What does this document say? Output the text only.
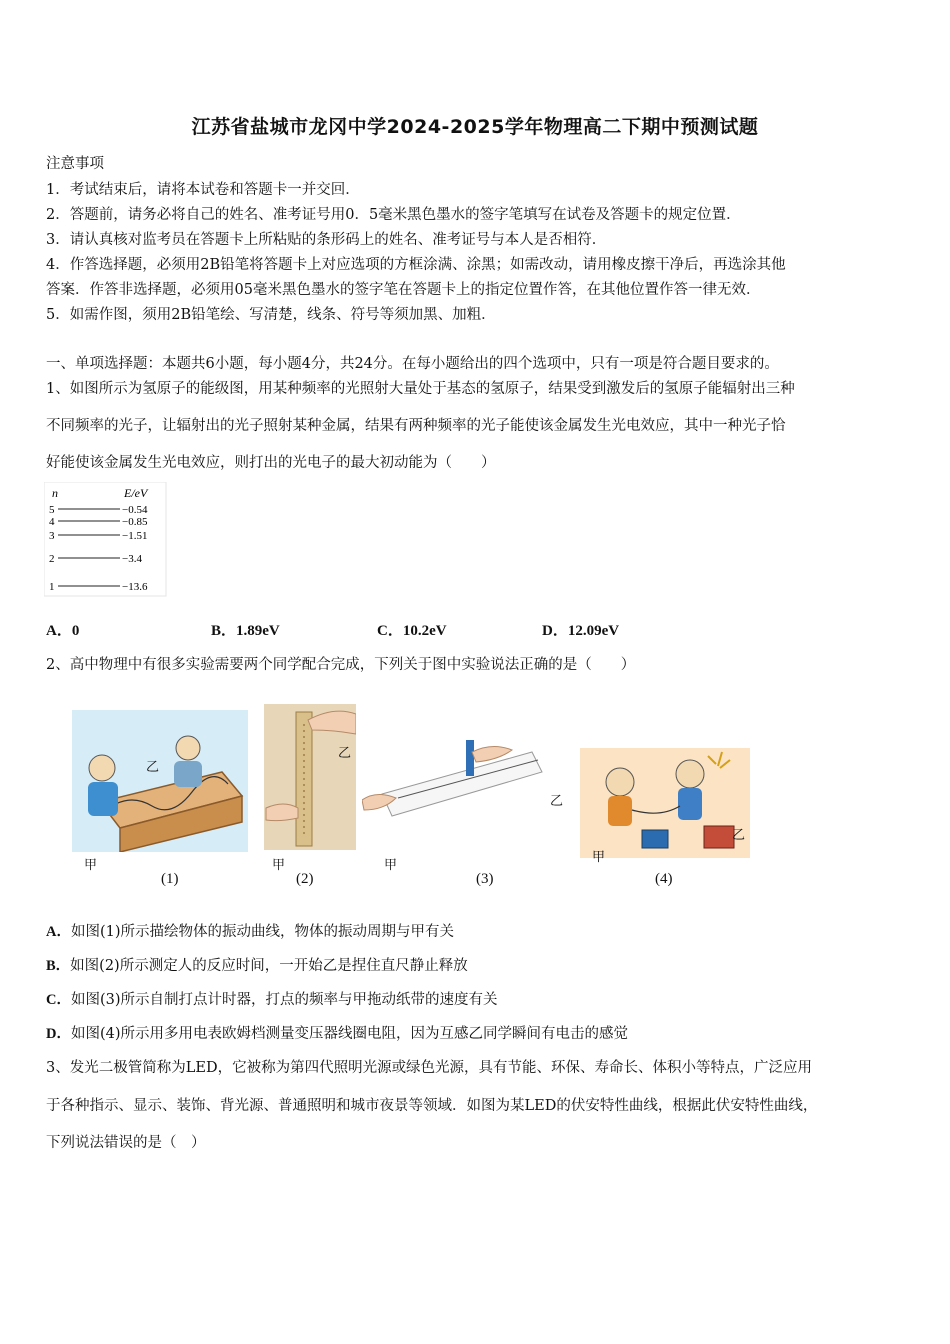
江苏省盐城市龙冈中学2024-2025学年物理高二下期中预测试题
注意事项
1．考试结束后，请将本试卷和答题卡一并交回．
2．答题前，请务必将自己的姓名、准考证号用0．5毫米黑色墨水的签字笔填写在试卷及答题卡的规定位置．
3．请认真核对监考员在答题卡上所粘贴的条形码上的姓名、准考证号与本人是否相符．
4．作答选择题，必须用2B铅笔将答题卡上对应选项的方框涂满、涂黑；如需改动，请用橡皮擦干净后，再选涂其他
答案．作答非选择题，必须用05毫米黑色墨水的签字笔在答题卡上的指定位置作答，在其他位置作答一律无效．
5．如需作图，须用2B铅笔绘、写清楚，线条、符号等须加黑、加粗．
一、单项选择题：本题共6小题，每小题4分，共24分。在每小题给出的四个选项中，只有一项是符合题目要求的。
1、如图所示为氢原子的能级图，用某种频率的光照射大量处于基态的氢原子，结果受到激发后的氢原子能辐射出三种
不同频率的光子，让辐射出的光子照射某种金属，结果有两种频率的光子能使该金属发生光电效应，其中一种光子恰
好能使该金属发生光电效应，则打出的光电子的最大初动能为（　　）
n	E/eV
5	−0.54
4	−0.85
3	−1.51
2	−3.4
1	−13.6
A．0	B．1.89eV	C．10.2eV	D．12.09eV
2、高中物理中有很多实验需要两个同学配合完成，下列关于图中实验说法正确的是（　　）
乙
甲
乙
甲
乙
甲
乙
甲
(1)	(2)	(3)	(4)
A．如图(1)所示描绘物体的振动曲线，物体的振动周期与甲有关
B．如图(2)所示测定人的反应时间，一开始乙是捏住直尺静止释放
C．如图(3)所示自制打点计时器，打点的频率与甲拖动纸带的速度有关
D．如图(4)所示用多用电表欧姆档测量变压器线圈电阻，因为互感乙同学瞬间有电击的感觉
3、发光二极管简称为LED，它被称为第四代照明光源或绿色光源，具有节能、环保、寿命长、体积小等特点，广泛应用
于各种指示、显示、装饰、背光源、普通照明和城市夜景等领域．如图为某LED的伏安特性曲线，根据此伏安特性曲线，
下列说法错误的是（　）
